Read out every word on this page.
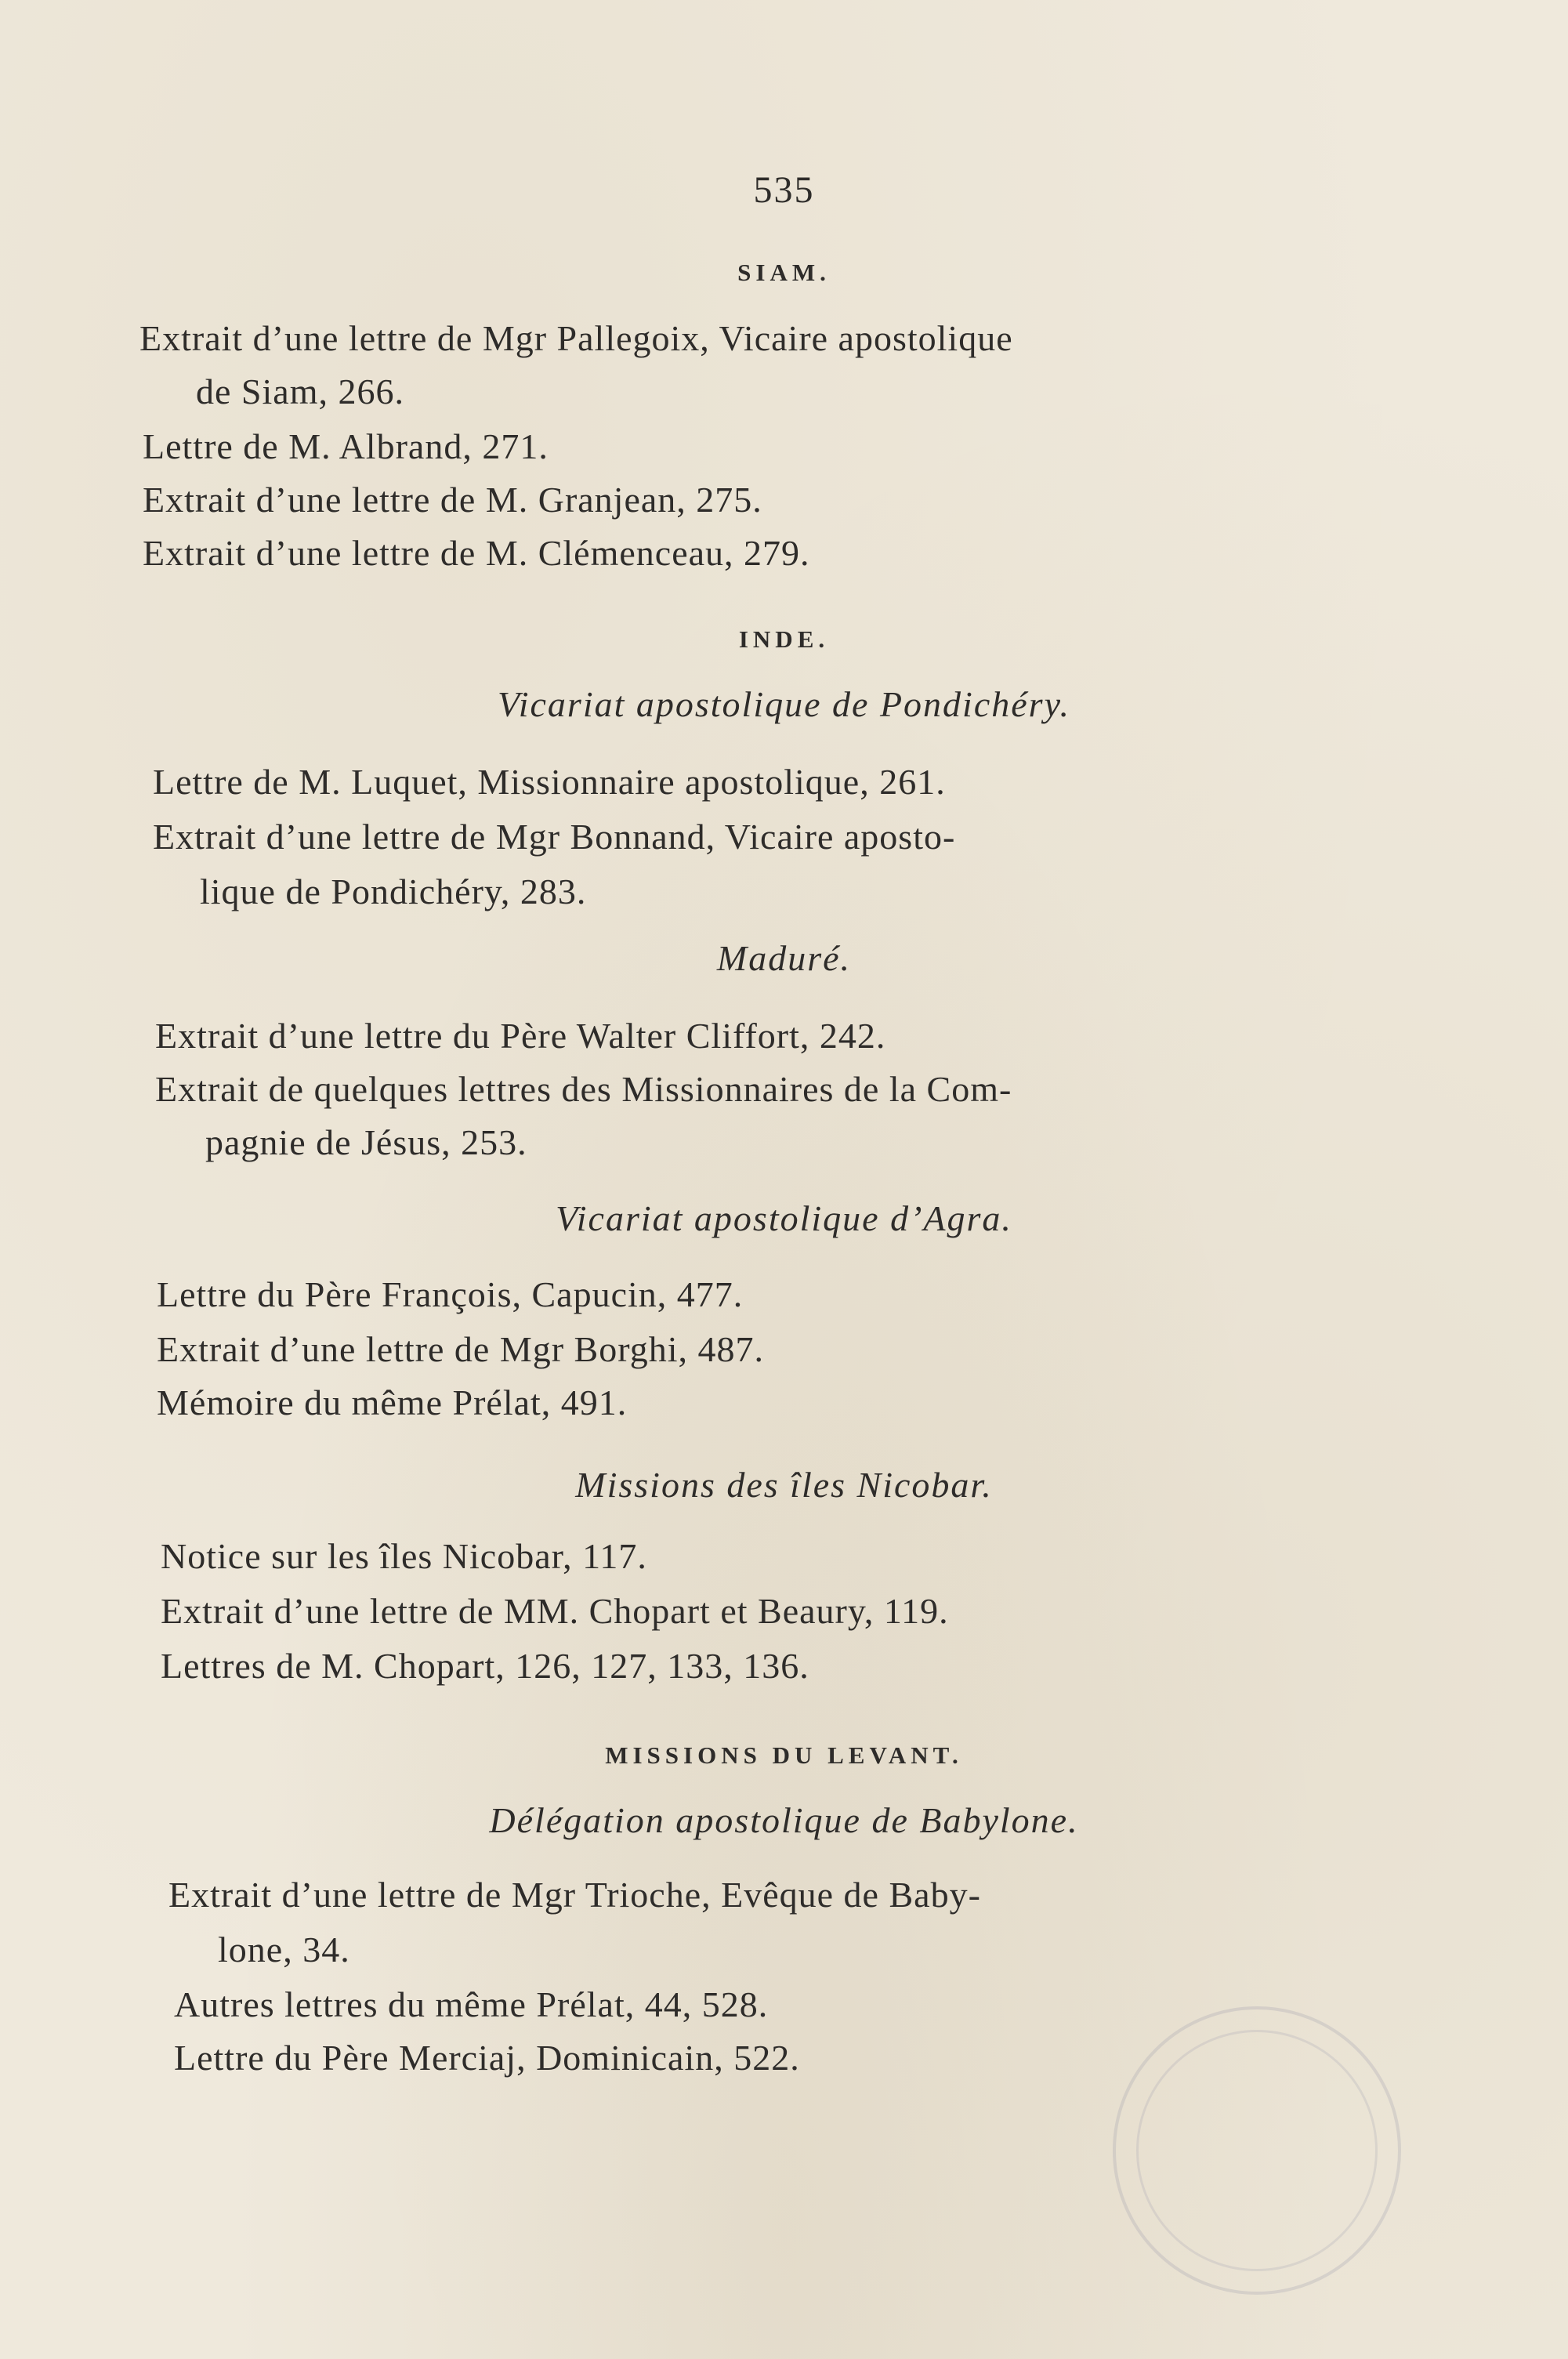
535
SIAM.
Extrait d’une lettre de Mgr Pallegoix, Vicaire apostolique
de Siam, 266.
Lettre de M. Albrand, 271.
Extrait d’une lettre de M. Granjean, 275.
Extrait d’une lettre de M. Clémenceau, 279.
INDE.
Vicariat apostolique de Pondichéry.
Lettre de M. Luquet, Missionnaire apostolique, 261.
Extrait d’une lettre de Mgr Bonnand, Vicaire aposto-
lique de Pondichéry, 283.
Maduré.
Extrait d’une lettre du Père Walter Cliffort, 242.
Extrait de quelques lettres des Missionnaires de la Com-
pagnie de Jésus, 253.
Vicariat apostolique d’Agra.
Lettre du Père François, Capucin, 477.
Extrait d’une lettre de Mgr Borghi, 487.
Mémoire du même Prélat, 491.
Missions des îles Nicobar.
Notice sur les îles Nicobar, 117.
Extrait d’une lettre de MM. Chopart et Beaury, 119.
Lettres de M. Chopart, 126, 127, 133, 136.
MISSIONS DU LEVANT.
Délégation apostolique de Babylone.
Extrait d’une lettre de Mgr Trioche, Evêque de Baby-
lone, 34.
Autres lettres du même Prélat, 44, 528.
Lettre du Père Merciaj, Dominicain, 522.
